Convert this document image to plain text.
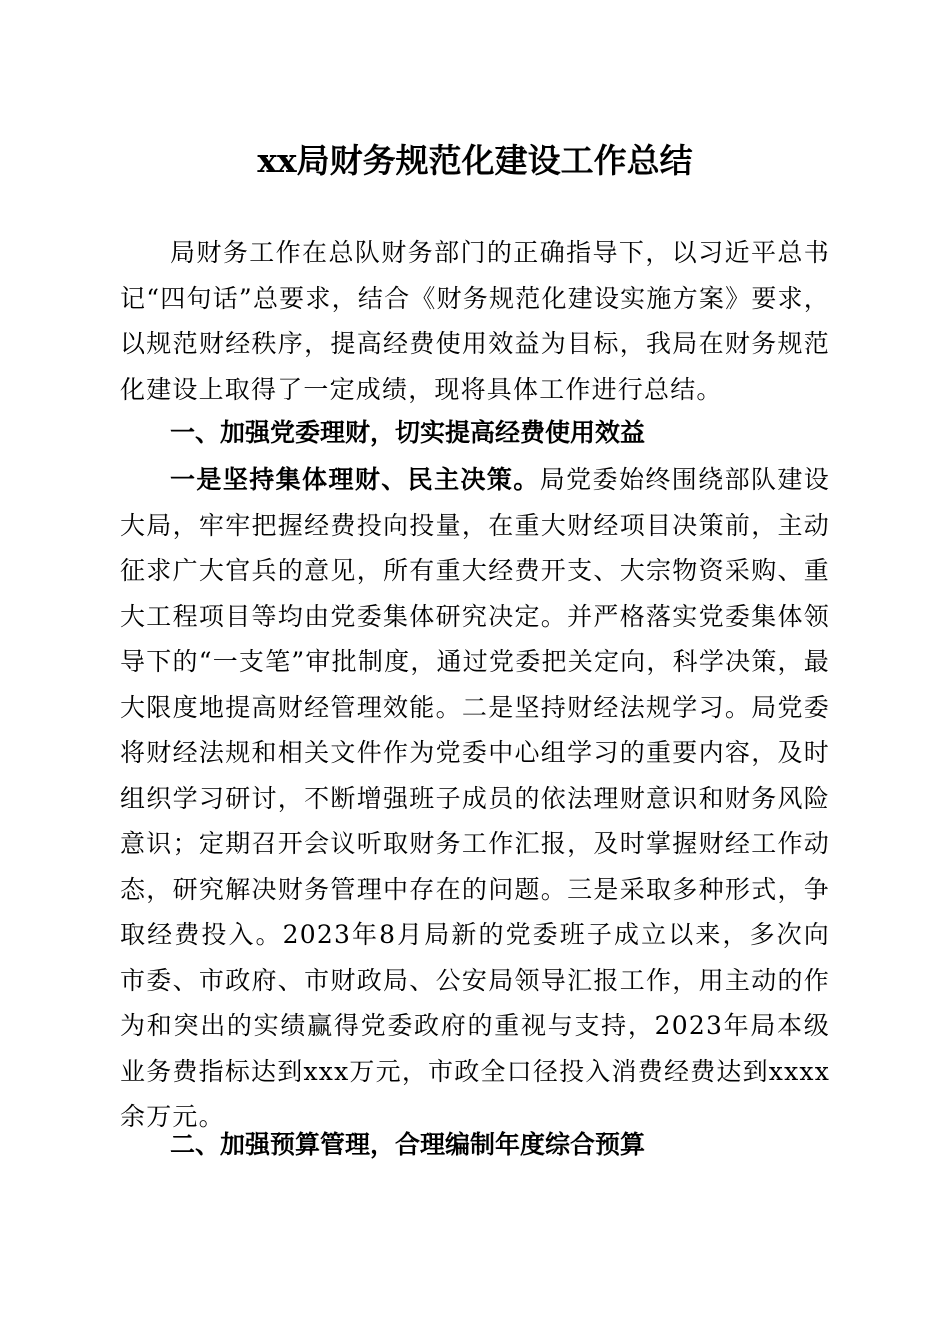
xx局财务规范化建设工作总结

局财务工作在总队财务部门的正确指导下，以习近平总书记“四句话”总要求，结合《财务规范化建设实施方案》要求，以规范财经秩序，提高经费使用效益为目标，我局在财务规范化建设上取得了一定成绩，现将具体工作进行总结。

一、加强党委理财，切实提高经费使用效益

一是坚持集体理财、民主决策。局党委始终围绕部队建设大局，牢牢把握经费投向投量，在重大财经项目决策前，主动征求广大官兵的意见，所有重大经费开支、大宗物资采购、重大工程项目等均由党委集体研究决定。并严格落实党委集体领导下的“一支笔”审批制度，通过党委把关定向，科学决策，最大限度地提高财经管理效能。二是坚持财经法规学习。局党委将财经法规和相关文件作为党委中心组学习的重要内容，及时组织学习研讨，不断增强班子成员的依法理财意识和财务风险意识；定期召开会议听取财务工作汇报，及时掌握财经工作动态，研究解决财务管理中存在的问题。三是采取多种形式，争取经费投入。2023年8月局新的党委班子成立以来，多次向市委、市政府、市财政局、公安局领导汇报工作，用主动的作为和突出的实绩赢得党委政府的重视与支持，2023年局本级业务费指标达到xxx万元，市政全口径投入消费经费达到xxxx余万元。

二、加强预算管理，合理编制年度综合预算
